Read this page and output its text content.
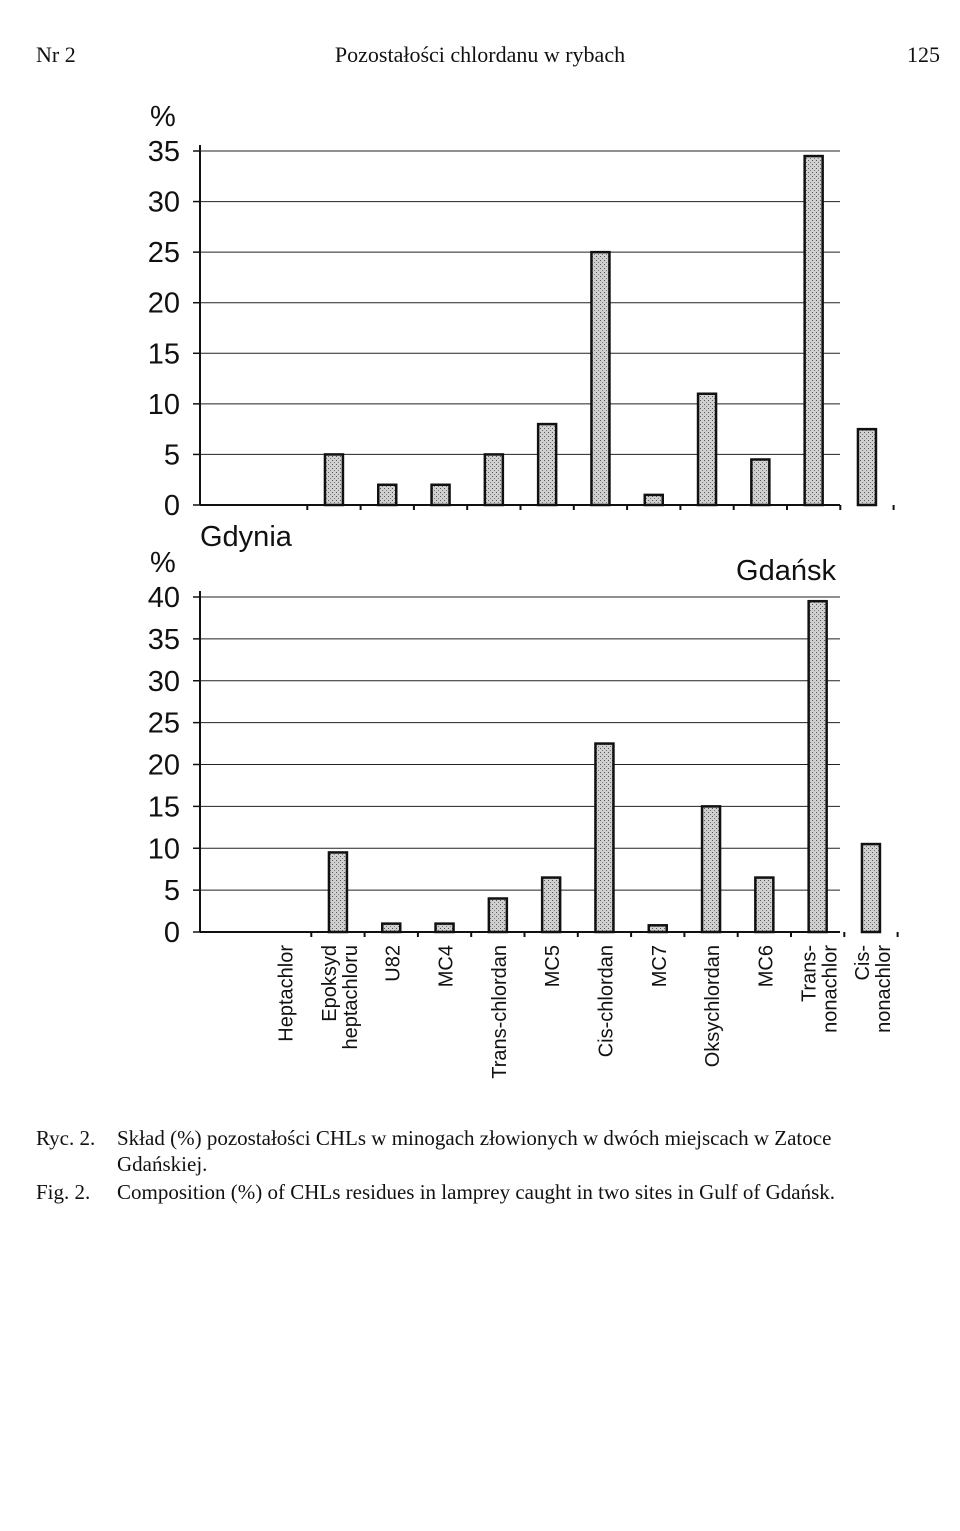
Nr 2	Pozostałości chlordanu w rybach	125
0
5
10
15
20
25
30
35
%
Gdynia
0
5
10
15
20
25
30
35
40
%	Gdańsk
Heptachlor Epoksydheptachloru U82 MC4 Trans-chlordan MC5 Cis-chlordan MC7 Oksychlordan MC6 Trans-nonachlor Cis-nonachlor
Ryc. 2. Skład (%) pozostałości CHLs w minogach złowionych w dwóch miejscach w Zatoce
Gdańskiej.
Fig. 2. Composition (%) of CHLs residues in lamprey caught in two sites in Gulf of Gdańsk.
